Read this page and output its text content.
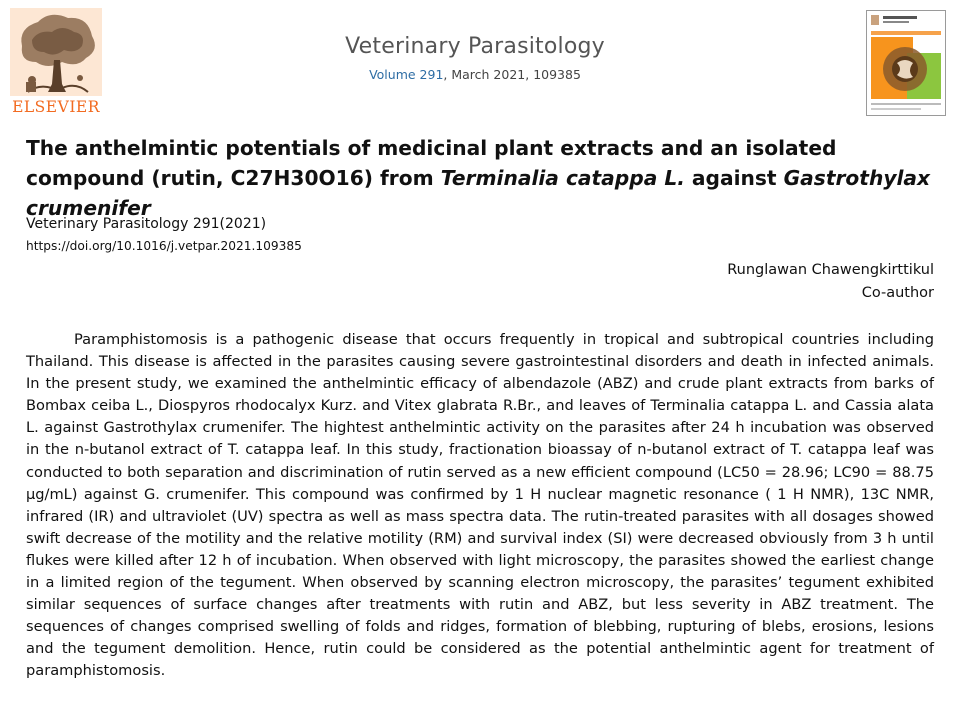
ELSEVIER
Veterinary Parasitology
Volume 291, March 2021, 109385
The anthelmintic potentials of medicinal plant extracts and an isolated compound (rutin, C27H30O16) from Terminalia catappa L. against Gastrothylax crumenifer
Veterinary Parasitology 291(2021)
https://doi.org/10.1016/j.vetpar.2021.109385
Runglawan Chawengkirttikul
Co-author

Paramphistomosis is a pathogenic disease that occurs frequently in tropical and subtropical countries including Thailand. This disease is affected in the parasites causing severe gastrointestinal disorders and death in infected animals. In the present study, we examined the anthelmintic efficacy of albendazole (ABZ) and crude plant extracts from barks of Bombax ceiba L., Diospyros rhodocalyx Kurz. and Vitex glabrata R.Br., and leaves of Terminalia catappa L. and Cassia alata L. against Gastrothylax crumenifer. The hightest anthelmintic activity on the parasites after 24 h incubation was observed in the n-butanol extract of T. catappa leaf. In this study, fractionation bioassay of n-butanol extract of T. catappa leaf was conducted to both separation and discrimination of rutin served as a new efficient compound (LC50 = 28.96; LC90 = 88.75 µg/mL) against G. crumenifer. This compound was confirmed by 1 H nuclear magnetic resonance ( 1 H NMR), 13C NMR, infrared (IR) and ultraviolet (UV) spectra as well as mass spectra data. The rutin-treated parasites with all dosages showed swift decrease of the motility and the relative motility (RM) and survival index (SI) were decreased obviously from 3 h until flukes were killed after 12 h of incubation. When observed with light microscopy, the parasites showed the earliest change in a limited region of the tegument. When observed by scanning electron microscopy, the parasites’ tegument exhibited similar sequences of surface changes after treatments with rutin and ABZ, but less severity in ABZ treatment. The sequences of changes comprised swelling of folds and ridges, formation of blebbing, rupturing of blebs, erosions, lesions and the tegument demolition. Hence, rutin could be considered as the potential anthelmintic agent for treatment of paramphistomosis.
